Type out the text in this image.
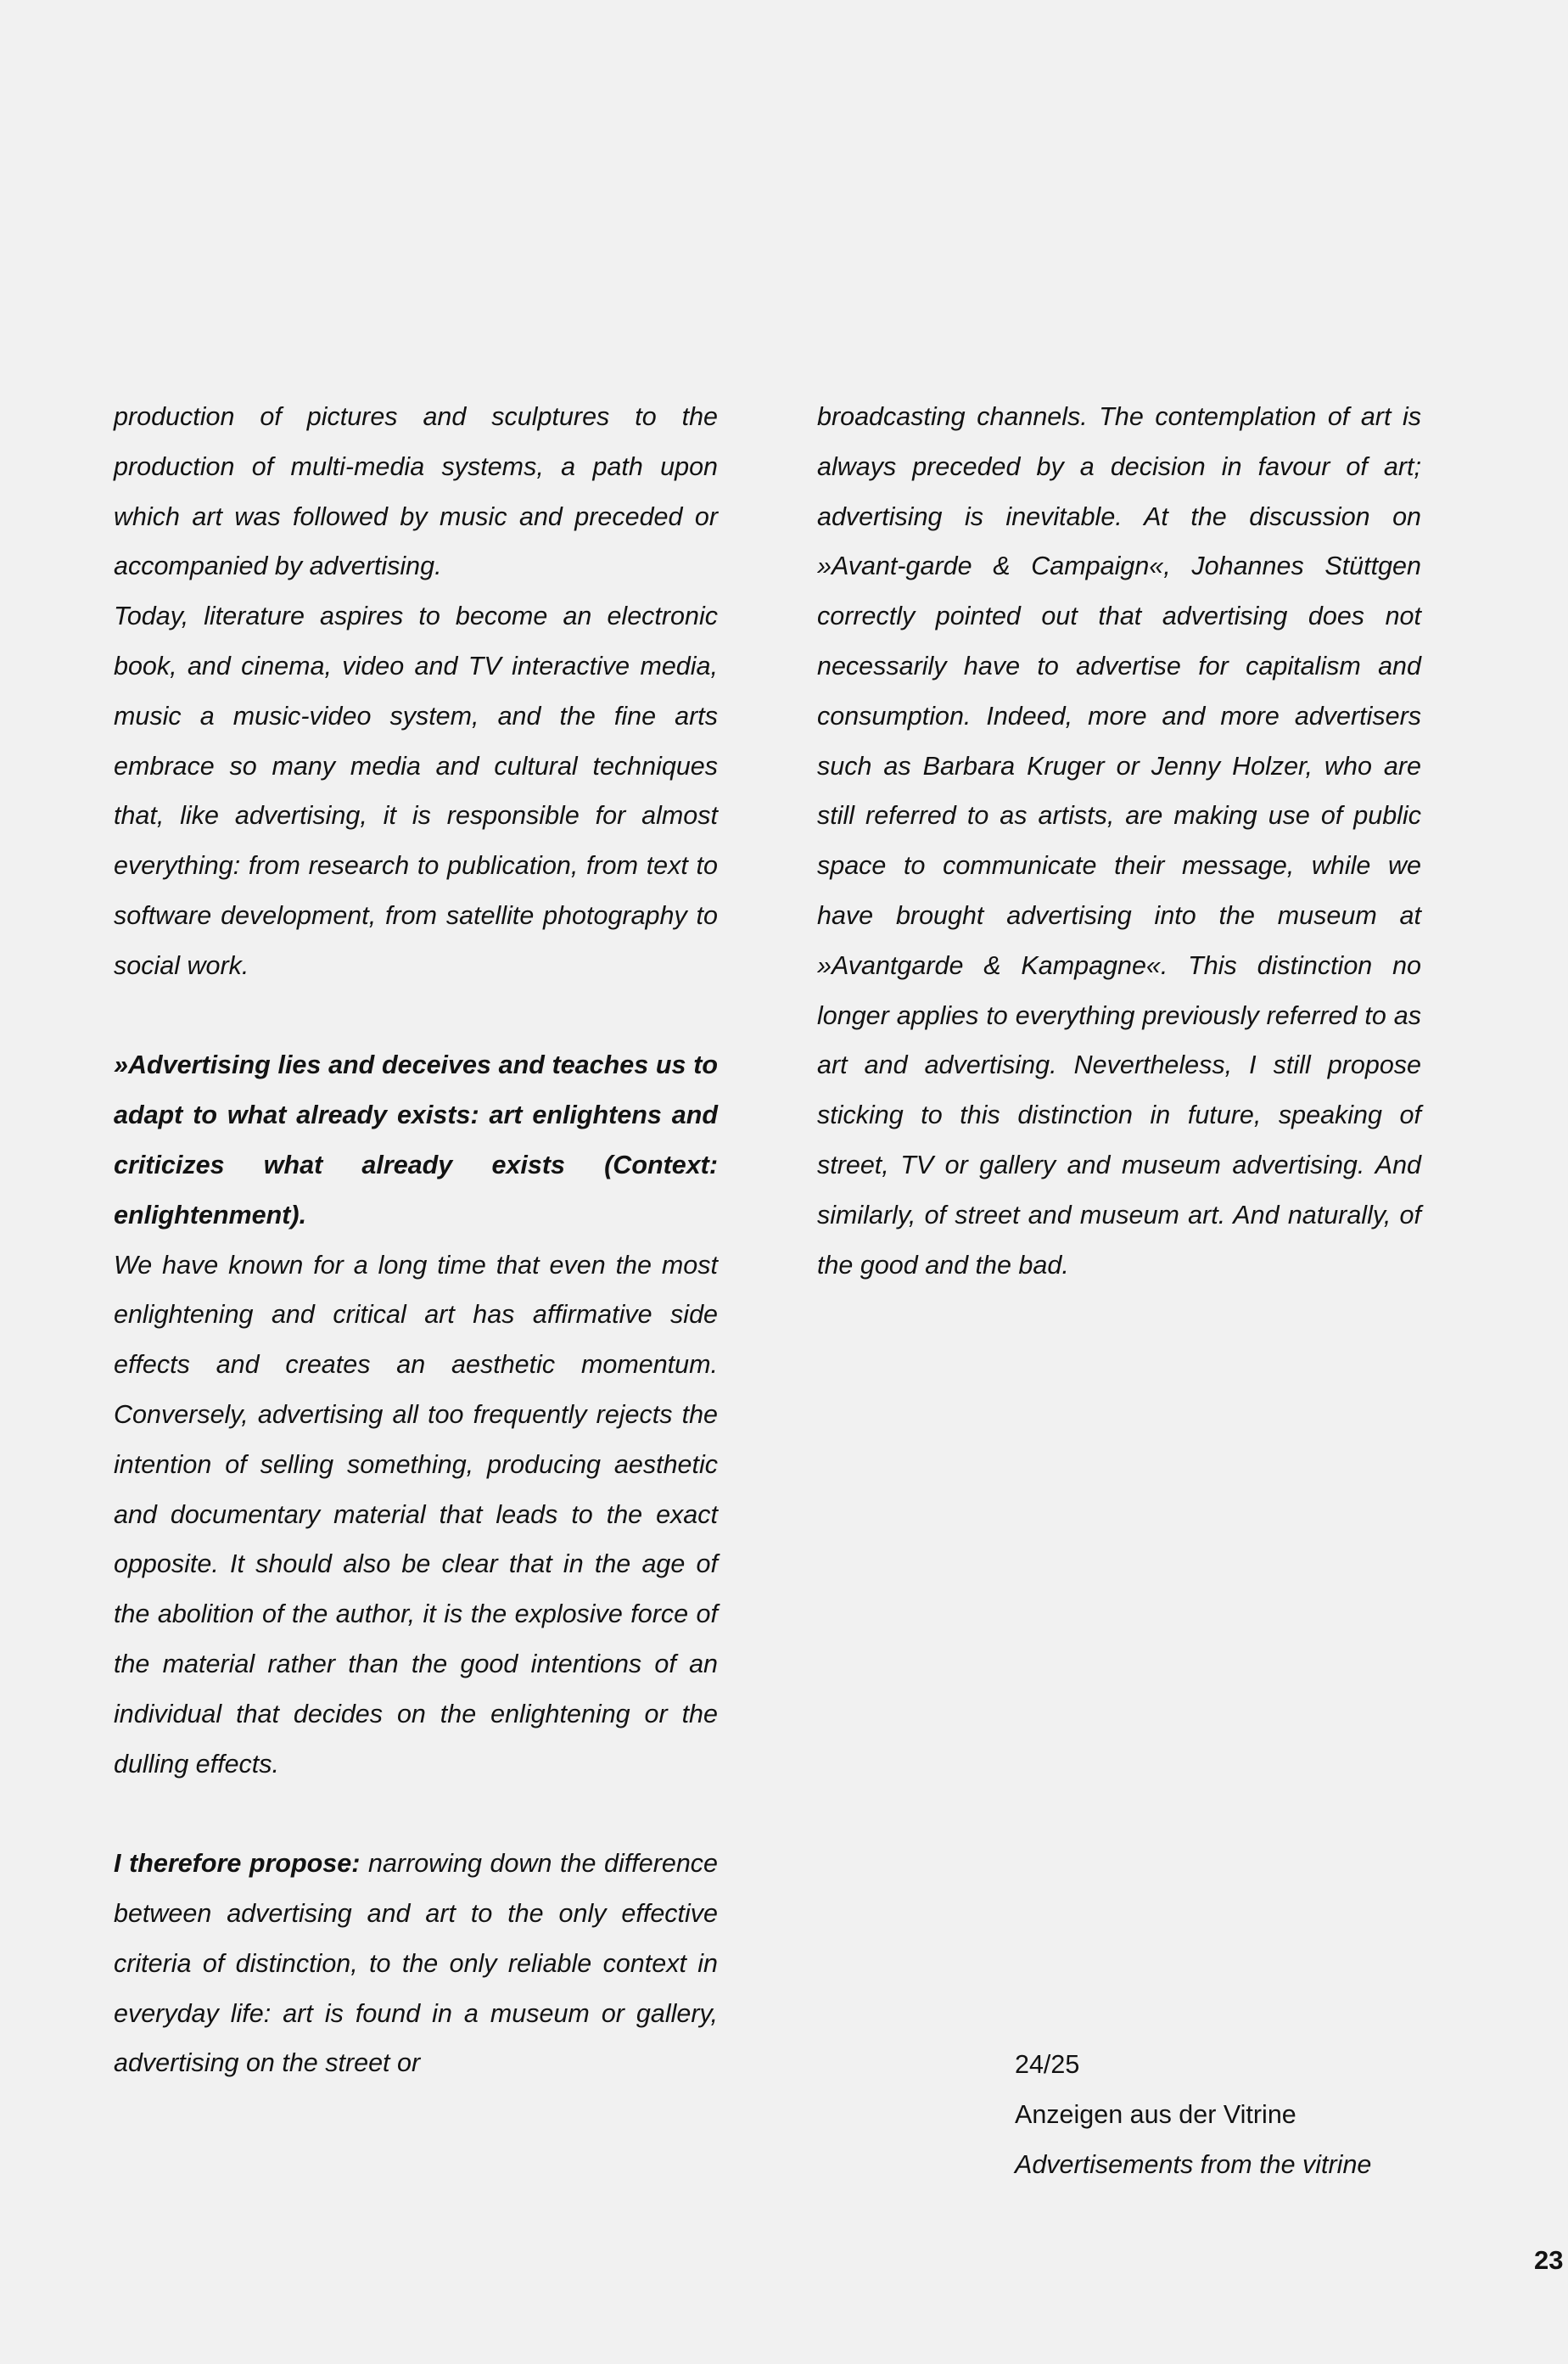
production of pictures and sculptures to the production of multi-media systems, a path upon which art was followed by music and preceded or accompanied by advertising.

Today, literature aspires to become an electronic book, and cinema, video and TV interactive media, music a music-video system, and the fine arts embrace so many media and cultural techniques that, like advertising, it is responsible for almost everything: from research to publication, from text to software development, from satellite photography to social work.

»Advertising lies and deceives and teaches us to adapt to what already exists: art enlightens and criticizes what already exists (Context: enlightenment).

We have known for a long time that even the most enlightening and critical art has affirmative side effects and creates an aesthetic momentum. Conversely, advertising all too frequently rejects the intention of selling something, producing aesthetic and documentary material that leads to the exact opposite. It should also be clear that in the age of the abolition of the author, it is the explosive force of the material rather than the good intentions of an individual that decides on the enlightening or the dulling effects.

I therefore propose: narrowing down the difference between advertising and art to the only effective criteria of distinction, to the only reliable context in everyday life: art is found in a museum or gallery, advertising on the street or

broadcasting channels. The contemplation of art is always preceded by a decision in favour of art; advertising is inevitable. At the discussion on »Avant-garde & Campaign«, Johannes Stüttgen correctly pointed out that advertising does not necessarily have to advertise for capitalism and consumption. Indeed, more and more advertisers such as Barbara Kruger or Jenny Holzer, who are still referred to as artists, are making use of public space to communicate their message, while we have brought advertising into the museum at »Avantgarde & Kampagne«. This distinction no longer applies to everything previously referred to as art and advertising. Nevertheless, I still propose sticking to this distinction in future, speaking of street, TV or gallery and museum advertising. And similarly, of street and museum art. And naturally, of the good and the bad.

24/25
Anzeigen aus der Vitrine
Advertisements from the vitrine
23
